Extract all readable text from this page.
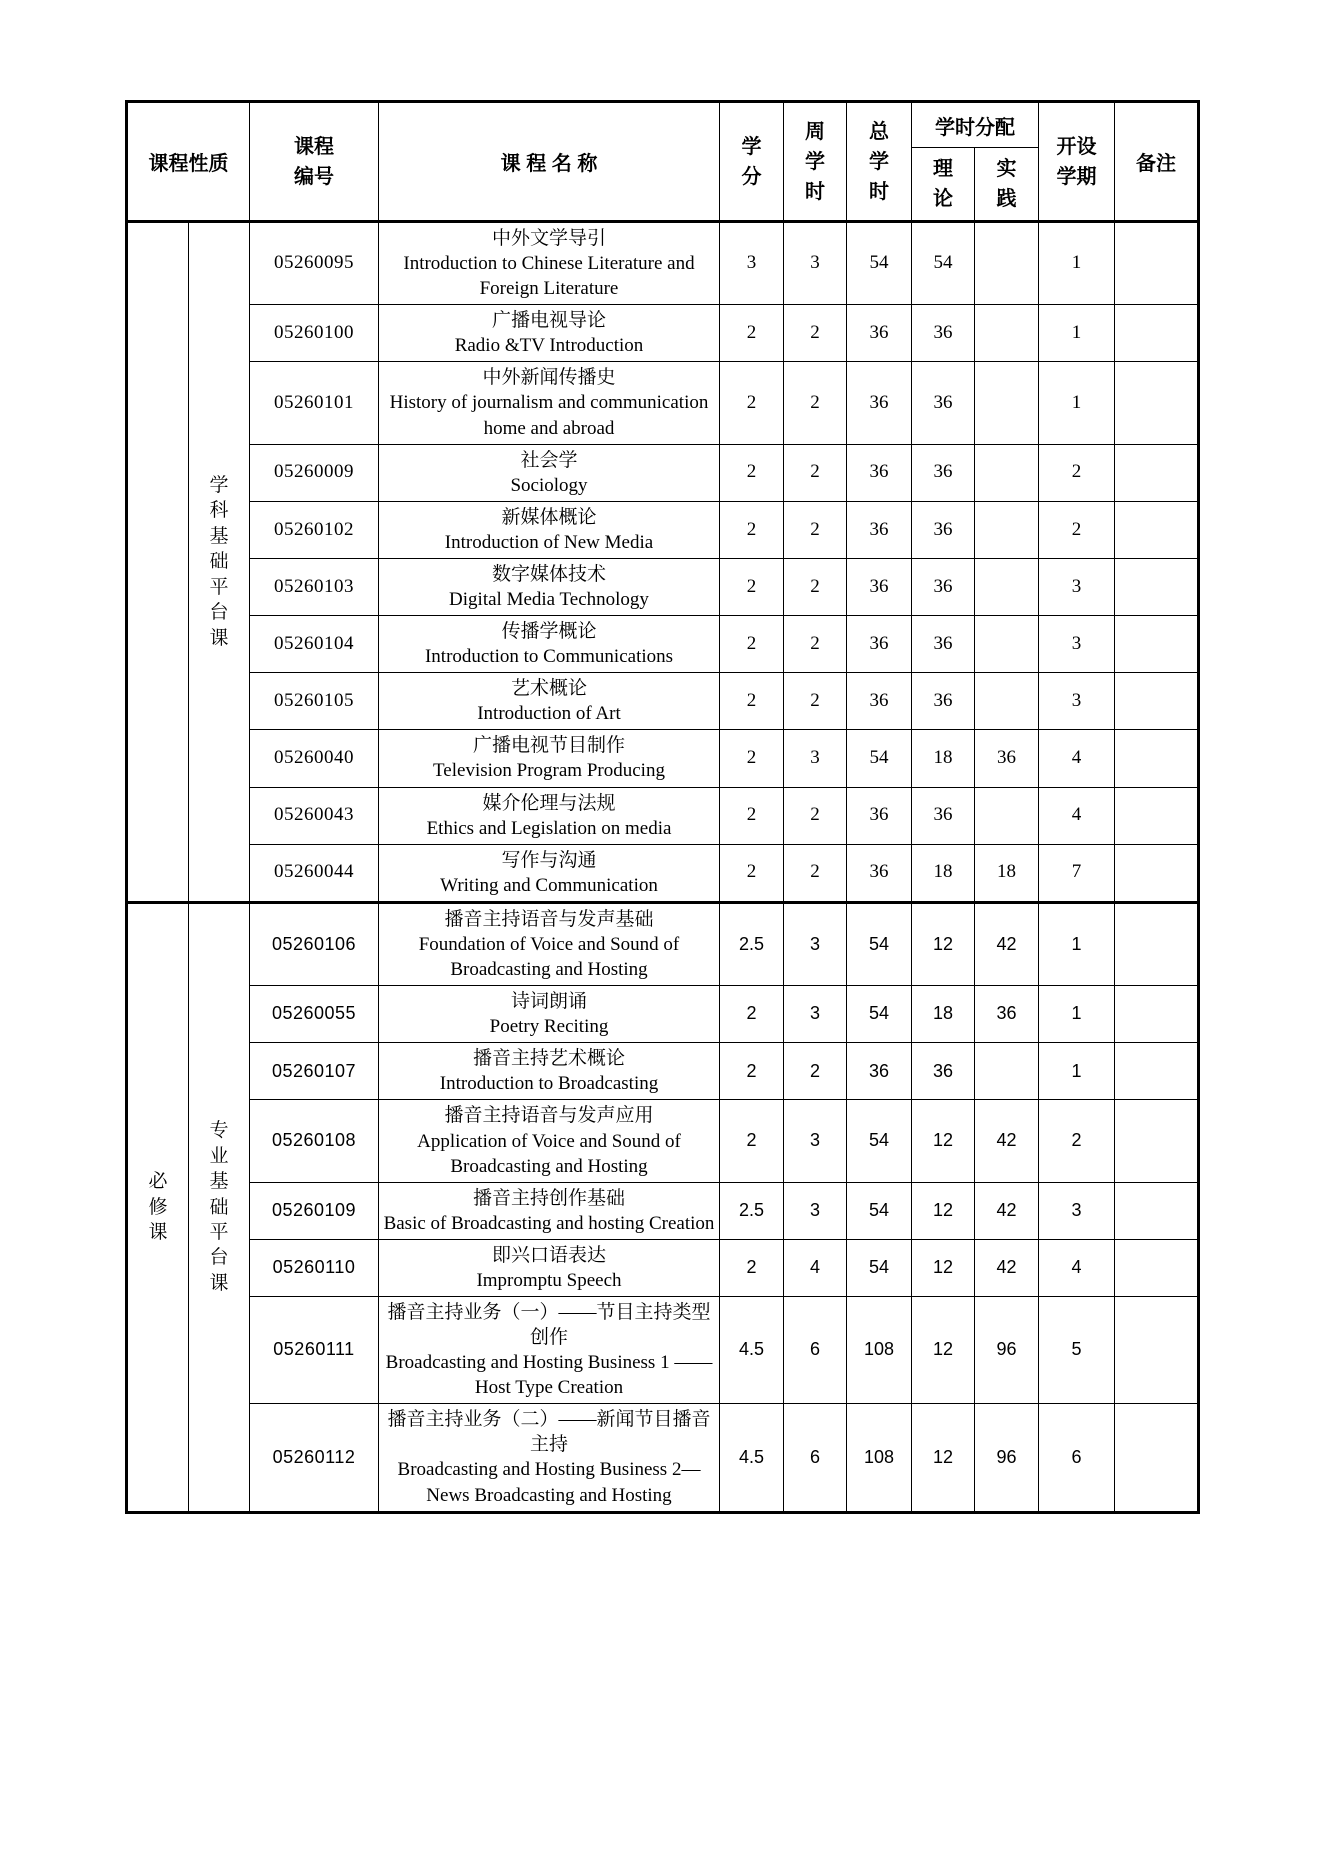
课程性质		课程编号	课 程 名 称	学分	周学时	总学时	学时分配		开设学期	备注
							理论	实践		

	学科基础平台课	05260095	中外文学导引
Introduction to Chinese Literature and Foreign Literature	3	3	54	54		1	
		05260100	广播电视导论
Radio &TV Introduction	2	2	36	36		1	
		05260101	中外新闻传播史
History of journalism and communication home and abroad	2	2	36	36		1	
		05260009	社会学
Sociology	2	2	36	36		2	
		05260102	新媒体概论
Introduction of New Media	2	2	36	36		2	
		05260103	数字媒体技术
Digital Media Technology	2	2	36	36		3	
		05260104	传播学概论
Introduction to Communications	2	2	36	36		3	
		05260105	艺术概论
Introduction of Art	2	2	36	36		3	
		05260040	广播电视节目制作
Television Program Producing	2	3	54	18	36	4	
		05260043	媒介伦理与法规
Ethics and Legislation on media	2	2	36	36		4	
		05260044	写作与沟通
Writing and Communication	2	2	36	18	18	7	

必修课	专业基础平台课	05260106	播音主持语音与发声基础
Foundation of Voice and Sound of Broadcasting and Hosting	2.5	3	54	12	42	1	
		05260055	诗词朗诵
Poetry Reciting	2	3	54	18	36	1	
		05260107	播音主持艺术概论
Introduction to Broadcasting	2	2	36	36		1	
		05260108	播音主持语音与发声应用
Application of Voice and Sound of Broadcasting and Hosting	2	3	54	12	42	2	
		05260109	播音主持创作基础
Basic of Broadcasting and hosting Creation	2.5	3	54	12	42	3	
		05260110	即兴口语表达
Impromptu Speech	2	4	54	12	42	4	
		05260111	播音主持业务（一）——节目主持类型创作
Broadcasting and Hosting Business 1 ——Host Type Creation	4.5	6	108	12	96	5	
		05260112	播音主持业务（二）——新闻节目播音主持
Broadcasting and Hosting Business 2—News Broadcasting and Hosting	4.5	6	108	12	96	6	
